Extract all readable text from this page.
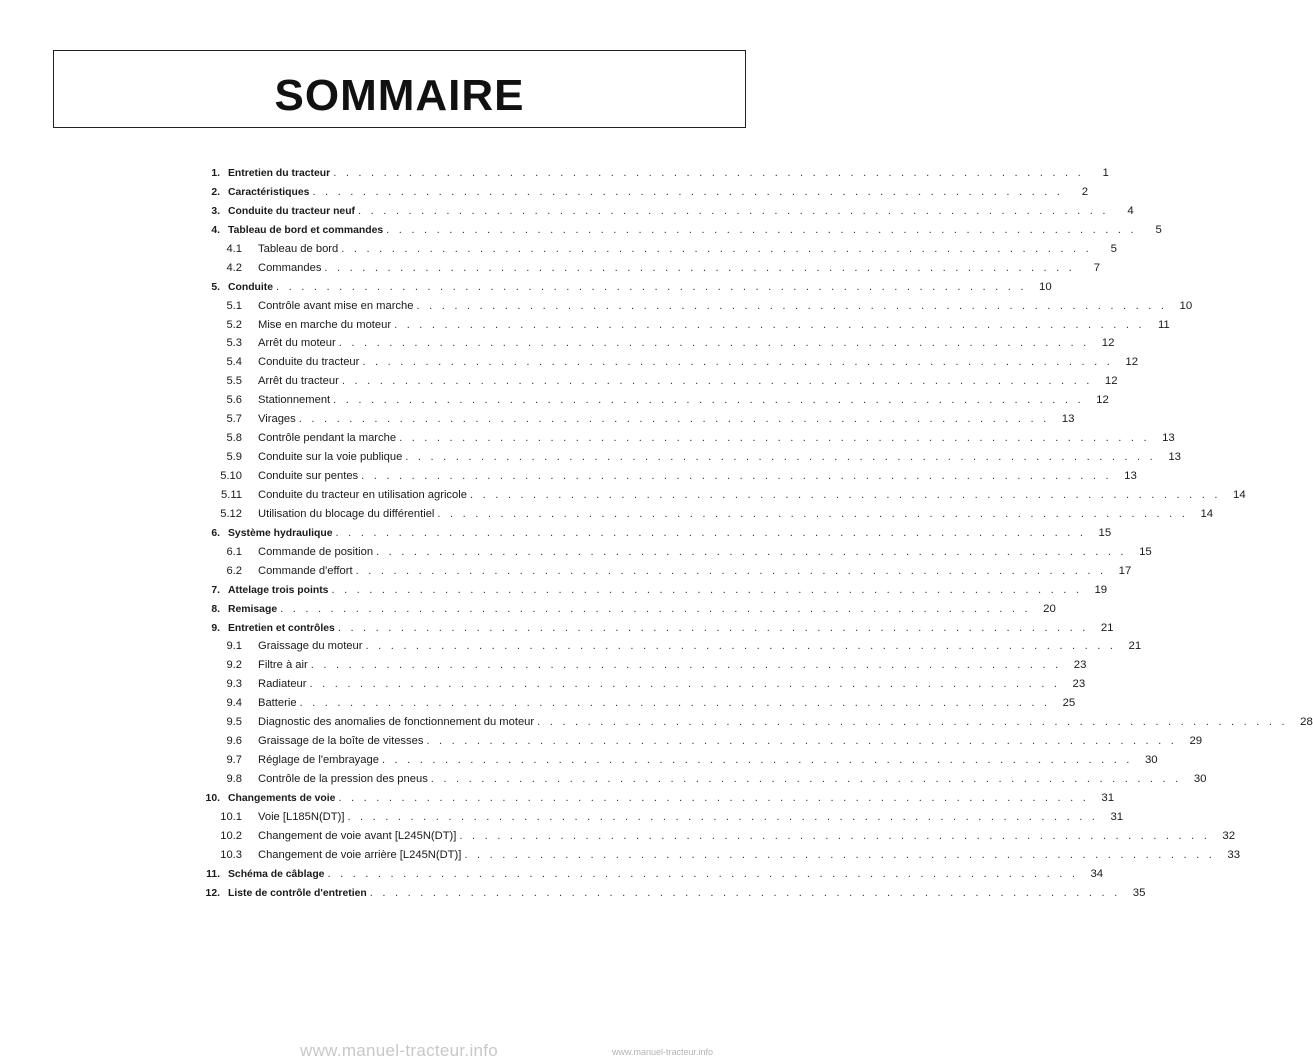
SOMMAIRE
1. Entretien du tracteur . . . . . . . . . . . . . . . . . . . . . . . . . . . . . . . . . . . . . . . . . . . . . . . . . . . . . . . . . . . .	1
2. Caractéristiques . . . . . . . . . . . . . . . . . . . . . . . . . . . . . . . . . . . . . . . . . . . . . . . . . . . . . . . . . . . .	2
3. Conduite du tracteur neuf . . . . . . . . . . . . . . . . . . . . . . . . . . . . . . . . . . . . . . . . . . . . . . . . . . . . . . . . . . . .	4
4. Tableau de bord et commandes . . . . . . . . . . . . . . . . . . . . . . . . . . . . . . . . . . . . . . . . . . . . . . . . . . . . . . . . . . . .	5
4.1 Tableau de bord . . . . . . . . . . . . . . . . . . . . . . . . . . . . . . . . . . . . . . . . . . . . . . . . . . . . . . . . . . . .	5
4.2 Commandes . . . . . . . . . . . . . . . . . . . . . . . . . . . . . . . . . . . . . . . . . . . . . . . . . . . . . . . . . . . .	7
5. Conduite . . . . . . . . . . . . . . . . . . . . . . . . . . . . . . . . . . . . . . . . . . . . . . . . . . . . . . . . . . . .	10
5.1 Contrôle avant mise en marche . . . . . . . . . . . . . . . . . . . . . . . . . . . . . . . . . . . . . . . . . . . . . . . . . . . . . . . . . . . .	10
5.2 Mise en marche du moteur . . . . . . . . . . . . . . . . . . . . . . . . . . . . . . . . . . . . . . . . . . . . . . . . . . . . . . . . . . . .	11
5.3 Arrêt du moteur . . . . . . . . . . . . . . . . . . . . . . . . . . . . . . . . . . . . . . . . . . . . . . . . . . . . . . . . . . . .	12
5.4 Conduite du tracteur . . . . . . . . . . . . . . . . . . . . . . . . . . . . . . . . . . . . . . . . . . . . . . . . . . . . . . . . . . . .	12
5.5 Arrêt du tracteur . . . . . . . . . . . . . . . . . . . . . . . . . . . . . . . . . . . . . . . . . . . . . . . . . . . . . . . . . . . .	12
5.6 Stationnement . . . . . . . . . . . . . . . . . . . . . . . . . . . . . . . . . . . . . . . . . . . . . . . . . . . . . . . . . . . .	12
5.7 Virages . . . . . . . . . . . . . . . . . . . . . . . . . . . . . . . . . . . . . . . . . . . . . . . . . . . . . . . . . . . .	13
5.8 Contrôle pendant la marche . . . . . . . . . . . . . . . . . . . . . . . . . . . . . . . . . . . . . . . . . . . . . . . . . . . . . . . . . . . .	13
5.9 Conduite sur la voie publique . . . . . . . . . . . . . . . . . . . . . . . . . . . . . . . . . . . . . . . . . . . . . . . . . . . . . . . . . . . .	13
5.10 Conduite sur pentes . . . . . . . . . . . . . . . . . . . . . . . . . . . . . . . . . . . . . . . . . . . . . . . . . . . . . . . . . . . .	13
5.11 Conduite du tracteur en utilisation agricole . . . . . . . . . . . . . . . . . . . . . . . . . . . . . . . . . . . . . . . . . . . . . . . . . . . . . . . . . . . .	14
5.12 Utilisation du blocage du différentiel . . . . . . . . . . . . . . . . . . . . . . . . . . . . . . . . . . . . . . . . . . . . . . . . . . . . . . . . . . . .	14
6. Système hydraulique . . . . . . . . . . . . . . . . . . . . . . . . . . . . . . . . . . . . . . . . . . . . . . . . . . . . . . . . . . . .	15
6.1 Commande de position . . . . . . . . . . . . . . . . . . . . . . . . . . . . . . . . . . . . . . . . . . . . . . . . . . . . . . . . . . . .	15
6.2 Commande d'effort . . . . . . . . . . . . . . . . . . . . . . . . . . . . . . . . . . . . . . . . . . . . . . . . . . . . . . . . . . . .	17
7. Attelage trois points . . . . . . . . . . . . . . . . . . . . . . . . . . . . . . . . . . . . . . . . . . . . . . . . . . . . . . . . . . . .	19
8. Remisage . . . . . . . . . . . . . . . . . . . . . . . . . . . . . . . . . . . . . . . . . . . . . . . . . . . . . . . . . . . .	20
9. Entretien et contrôles . . . . . . . . . . . . . . . . . . . . . . . . . . . . . . . . . . . . . . . . . . . . . . . . . . . . . . . . . . . .	21
9.1 Graissage du moteur . . . . . . . . . . . . . . . . . . . . . . . . . . . . . . . . . . . . . . . . . . . . . . . . . . . . . . . . . . . .	21
9.2 Filtre à air . . . . . . . . . . . . . . . . . . . . . . . . . . . . . . . . . . . . . . . . . . . . . . . . . . . . . . . . . . . .	23
9.3 Radiateur . . . . . . . . . . . . . . . . . . . . . . . . . . . . . . . . . . . . . . . . . . . . . . . . . . . . . . . . . . . .	23
9.4 Batterie . . . . . . . . . . . . . . . . . . . . . . . . . . . . . . . . . . . . . . . . . . . . . . . . . . . . . . . . . . . .	25
9.5 Diagnostic des anomalies de fonctionnement du moteur . . . . . . . . . . . . . . . . . . . . . . . . . . . . . . . . . . . . . . . . . . . . . . . . . . . . . . . . . . . .	28
9.6 Graissage de la boîte de vitesses . . . . . . . . . . . . . . . . . . . . . . . . . . . . . . . . . . . . . . . . . . . . . . . . . . . . . . . . . . . .	29
9.7 Réglage de l'embrayage . . . . . . . . . . . . . . . . . . . . . . . . . . . . . . . . . . . . . . . . . . . . . . . . . . . . . . . . . . . .	30
9.8 Contrôle de la pression des pneus . . . . . . . . . . . . . . . . . . . . . . . . . . . . . . . . . . . . . . . . . . . . . . . . . . . . . . . . . . . .	30
10. Changements de voie . . . . . . . . . . . . . . . . . . . . . . . . . . . . . . . . . . . . . . . . . . . . . . . . . . . . . . . . . . . .	31
10.1 Voie [L185N(DT)] . . . . . . . . . . . . . . . . . . . . . . . . . . . . . . . . . . . . . . . . . . . . . . . . . . . . . . . . . . . .	31
10.2 Changement de voie avant [L245N(DT)] . . . . . . . . . . . . . . . . . . . . . . . . . . . . . . . . . . . . . . . . . . . . . . . . . . . . . . . . . . . .	32
10.3 Changement de voie arrière [L245N(DT)] . . . . . . . . . . . . . . . . . . . . . . . . . . . . . . . . . . . . . . . . . . . . . . . . . . . . . . . . . . . .	33
11. Schéma de câblage . . . . . . . . . . . . . . . . . . . . . . . . . . . . . . . . . . . . . . . . . . . . . . . . . . . . . . . . . . . .	34
12. Liste de contrôle d'entretien . . . . . . . . . . . . . . . . . . . . . . . . . . . . . . . . . . . . . . . . . . . . . . . . . . . . . . . . . . . .	35
www.manuel-tracteur.info	www.manuel-tracteur.info
